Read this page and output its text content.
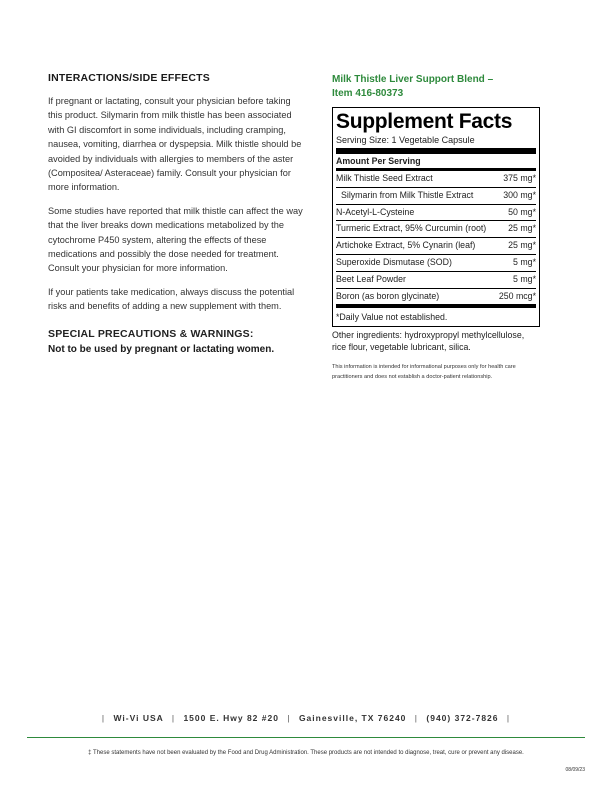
INTERACTIONS/SIDE EFFECTS

If pregnant or lactating, consult your physician before taking this product. Silymarin from milk thistle has been associated with GI discomfort in some individuals, including cramping, nausea, vomiting, diarrhea or dyspepsia. Milk thistle should be avoided by individuals with allergies to members of the aster (Compositea/ Asteraceae) family. Consult your physician for more information.

Some studies have reported that milk thistle can affect the way that the liver breaks down medications metabolized by the cytochrome P450 system, altering the effects of these medications and possibly the dose needed for treatment. Consult your physician for more information.

If your patients take medication, always discuss the potential risks and benefits of adding a new supplement with them.

SPECIAL PRECAUTIONS & WARNINGS:
Not to be used by pregnant or lactating women.
Milk Thistle Liver Support Blend –
Item 416-80373
Supplement Facts
Serving Size: 1 Vegetable Capsule
Amount Per Serving
Milk Thistle Seed Extract	375 mg*
Silymarin from Milk Thistle Extract	300 mg*
N-Acetyl-L-Cysteine	50 mg*
Turmeric Extract, 95% Curcumin (root) 25 mg*
Artichoke Extract, 5% Cynarin (leaf)	25 mg*
Superoxide Dismutase (SOD)	5 mg*
Beet Leaf Powder	5 mg*
Boron (as boron glycinate)	250 mcg*
*Daily Value not established.
Other ingredients: hydroxypropyl methylcellulose, rice flour, vegetable lubricant, silica.
This information is intended for informational purposes only for health care practitioners and does not establish a doctor-patient relationship.
| Wi-Vi USA | 1500 E. Hwy 82 #20 | Gainesville, TX 76240 | (940) 372-7826 |
‡ These statements have not been evaluated by the Food and Drug Administration. These products are not intended to diagnose, treat, cure or prevent any disease.
08/09/23
